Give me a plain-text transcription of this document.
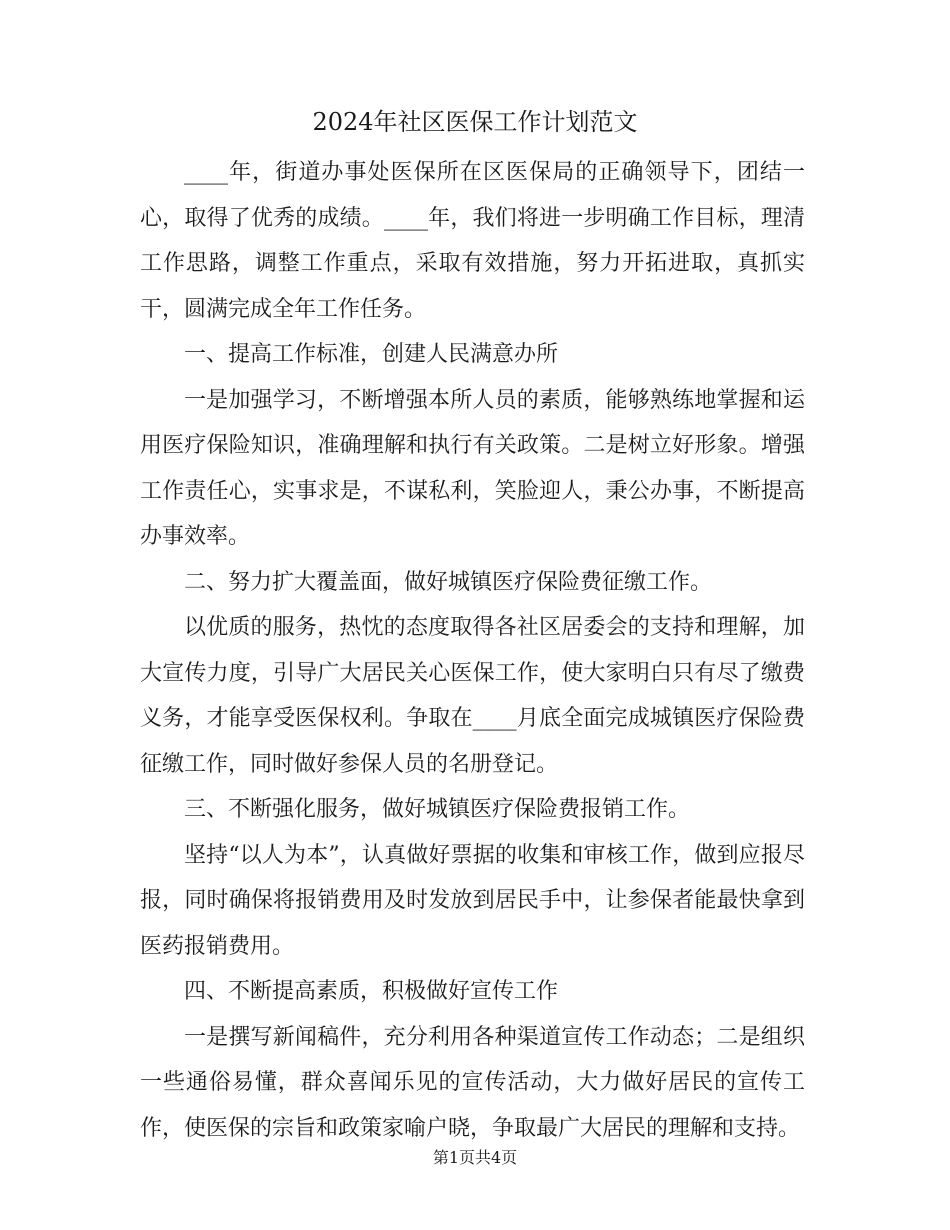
2024年社区医保工作计划范文

____年，街道办事处医保所在区医保局的正确领导下，团结一心，取得了优秀的成绩。____年，我们将进一步明确工作目标，理清工作思路，调整工作重点，采取有效措施，努力开拓进取，真抓实干，圆满完成全年工作任务。

一、提高工作标准，创建人民满意办所

一是加强学习，不断增强本所人员的素质，能够熟练地掌握和运用医疗保险知识，准确理解和执行有关政策。二是树立好形象。增强工作责任心，实事求是，不谋私利，笑脸迎人，秉公办事，不断提高办事效率。

二、努力扩大覆盖面，做好城镇医疗保险费征缴工作。

以优质的服务，热忱的态度取得各社区居委会的支持和理解，加大宣传力度，引导广大居民关心医保工作，使大家明白只有尽了缴费义务，才能享受医保权利。争取在____月底全面完成城镇医疗保险费征缴工作，同时做好参保人员的名册登记。

三、不断强化服务，做好城镇医疗保险费报销工作。

坚持“以人为本”，认真做好票据的收集和审核工作，做到应报尽报，同时确保将报销费用及时发放到居民手中，让参保者能最快拿到医药报销费用。

四、不断提高素质，积极做好宣传工作

一是撰写新闻稿件，充分利用各种渠道宣传工作动态；二是组织一些通俗易懂，群众喜闻乐见的宣传活动，大力做好居民的宣传工作，使医保的宗旨和政策家喻户晓，争取最广大居民的理解和支持。

第1页共4页
